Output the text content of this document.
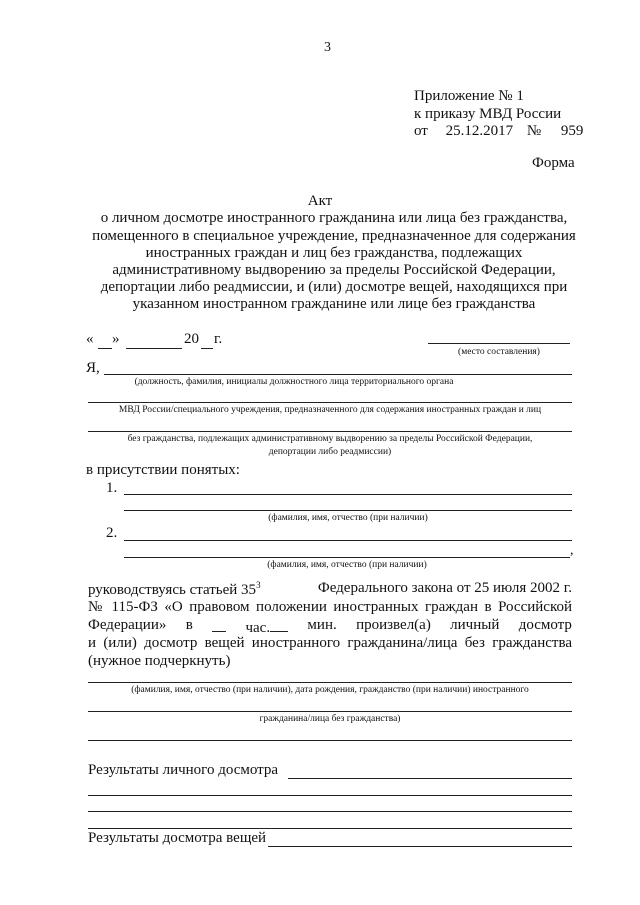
3
Приложение № 1
к приказу МВД России
от 25.12.2017 № 959
Форма
Акт
о личном досмотре иностранного гражданина или лица без гражданства,
помещенного в специальное учреждение, предназначенное для содержания
иностранных граждан и лиц без гражданства, подлежащих
административному выдворению за пределы Российской Федерации,
депортации либо реадмиссии, и (или) досмотре вещей, находящихся при
указанном иностранном гражданине или лице без гражданства
« »	20 г.
(место составления)
Я,
(должность, фамилия, инициалы должностного лица территориального органа
МВД России/специального учреждения, предназначенного для содержания иностранных граждан и лиц
без гражданства, подлежащих административному выдворению за пределы Российской Федерации,
депортации либо реадмиссии)
в присутствии понятых:
1.
(фамилия, имя, отчество (при наличии)
2.
,
(фамилия, имя, отчество (при наличии)
руководствуясь статьей $35^3$	Федерального закона от 25 июля 2002 г.
№ 115-ФЗ «О правовом положении иностранных граждан в Российской
Федерации» в	час.	мин. произвел(а) личный досмотр
и (или) досмотр вещей иностранного гражданина/лица без гражданства
(нужное подчеркнуть)
(фамилия, имя, отчество (при наличии), дата рождения, гражданство (при наличии) иностранного
гражданина/лица без гражданства)
Результаты личного досмотра
Результаты досмотра вещей
